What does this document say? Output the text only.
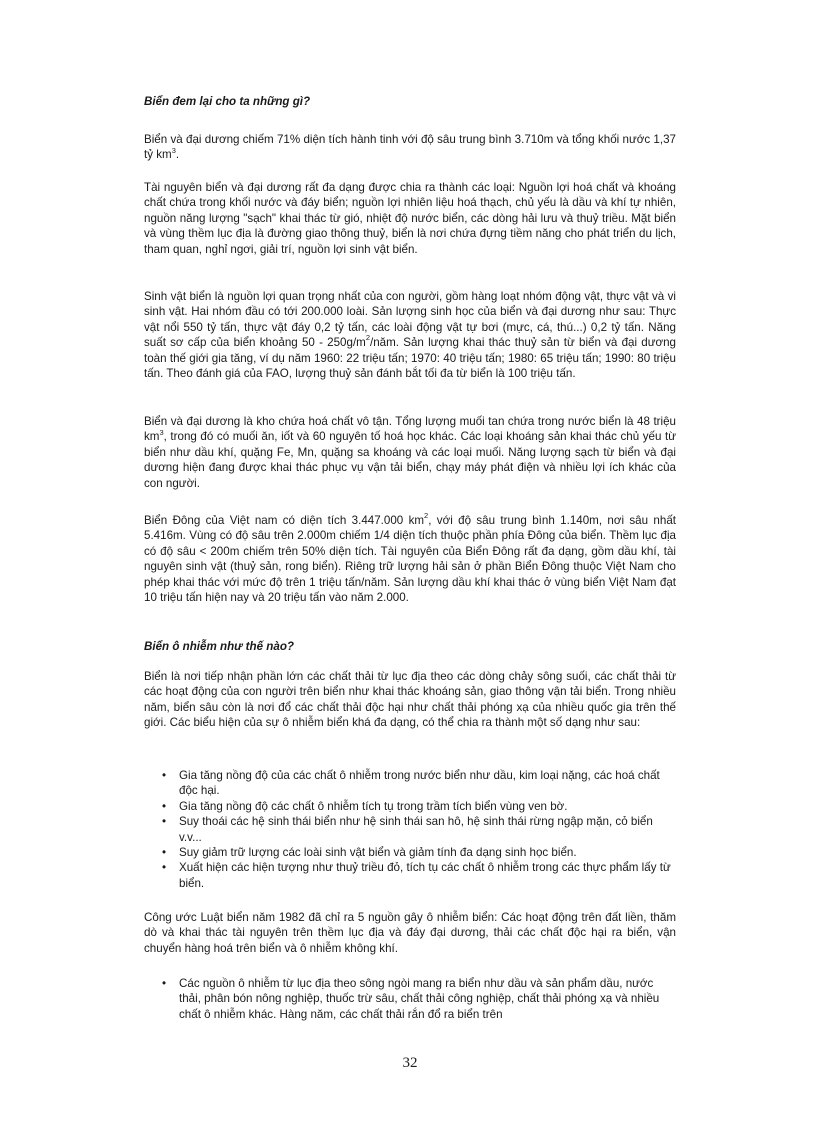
Biển đem lại cho ta những gì?

Biển và đại dương chiếm 71% diện tích hành tinh với độ sâu trung bình 3.710m và tổng khối nước 1,37 tỷ $km^3$.

Tài nguyên biển và đại dương rất đa dạng được chia ra thành các loại: Nguồn lợi hoá chất và khoáng chất chứa trong khối nước và đáy biển; nguồn lợi nhiên liệu hoá thạch, chủ yếu là dầu và khí tự nhiên, nguồn năng lượng "sạch" khai thác từ gió, nhiệt độ nước biển, các dòng hải lưu và thuỷ triều. Mặt biển và vùng thềm lục địa là đường giao thông thuỷ, biển là nơi chứa đựng tiềm năng cho phát triển du lịch, tham quan, nghỉ ngơi, giải trí, nguồn lợi sinh vật biển.

Sinh vật biển là nguồn lợi quan trọng nhất của con người, gồm hàng loạt nhóm động vật, thực vật và vi sinh vật. Hai nhóm đầu có tới 200.000 loài. Sản lượng sinh học của biển và đại dương như sau: Thực vật nổi 550 tỷ tấn, thực vật đáy 0,2 tỷ tấn, các loài động vật tự bơi (mực, cá, thú...) 0,2 tỷ tấn. Năng suất sơ cấp của biển khoảng $50 - 250g/m^2$/năm. Sản lượng khai thác thuỷ sản từ biển và đại dương toàn thế giới gia tăng, ví dụ năm 1960: 22 triệu tấn; 1970: 40 triệu tấn; 1980: 65 triệu tấn; 1990: 80 triệu tấn. Theo đánh giá của FAO, lượng thuỷ sản đánh bắt tối đa từ biển là 100 triệu tấn.

Biển và đại dương là kho chứa hoá chất vô tận. Tổng lượng muối tan chứa trong nước biển là 48 triệu $km^3$, trong đó có muối ăn, iốt và 60 nguyên tố hoá học khác. Các loại khoáng sản khai thác chủ yếu từ biển như dầu khí, quặng Fe, Mn, quặng sa khoáng và các loại muối. Năng lượng sạch từ biển và đại dương hiện đang được khai thác phục vụ vận tải biển, chạy máy phát điện và nhiều lợi ích khác của con người.

Biển Đông của Việt nam có diện tích 3.447.000 $km^2$, với độ sâu trung bình 1.140m, nơi sâu nhất 5.416m. Vùng có độ sâu trên 2.000m chiếm 1/4 diện tích thuộc phần phía Đông của biển. Thềm lục địa có độ sâu < 200m chiếm trên 50% diện tích. Tài nguyên của Biển Đông rất đa dạng, gồm dầu khí, tài nguyên sinh vật (thuỷ sản, rong biển). Riêng trữ lượng hải sản ở phần Biển Đông thuộc Việt Nam cho phép khai thác với mức độ trên 1 triệu tấn/năm. Sản lượng dầu khí khai thác ở vùng biển Việt Nam đạt 10 triệu tấn hiện nay và 20 triệu tấn vào năm 2.000.

Biển ô nhiễm như thế nào?

Biển là nơi tiếp nhận phần lớn các chất thải từ lục địa theo các dòng chảy sông suối, các chất thải từ các hoạt động của con người trên biển như khai thác khoáng sản, giao thông vận tải biển. Trong nhiều năm, biển sâu còn là nơi đổ các chất thải độc hại như chất thải phóng xạ của nhiều quốc gia trên thế giới. Các biểu hiện của sự ô nhiễm biển khá đa dạng, có thể chia ra thành một số dạng như sau:

• Gia tăng nồng độ của các chất ô nhiễm trong nước biển như dầu, kim loại nặng, các hoá chất độc hại.
• Gia tăng nồng độ các chất ô nhiễm tích tụ trong trầm tích biển vùng ven bờ.
• Suy thoái các hệ sinh thái biển như hệ sinh thái san hô, hệ sinh thái rừng ngập mặn, cỏ biển v.v...
• Suy giảm trữ lượng các loài sinh vật biển và giảm tính đa dạng sinh học biển.
• Xuất hiện các hiện tượng như thuỷ triều đỏ, tích tụ các chất ô nhiễm trong các thực phẩm lấy từ biển.

Công ước Luật biển năm 1982 đã chỉ ra 5 nguồn gây ô nhiễm biển: Các hoạt động trên đất liền, thăm dò và khai thác tài nguyên trên thềm lục địa và đáy đại dương, thải các chất độc hại ra biển, vận chuyển hàng hoá trên biển và ô nhiễm không khí.

• Các nguồn ô nhiễm từ lục địa theo sông ngòi mang ra biển như dầu và sản phẩm dầu, nước thải, phân bón nông nghiệp, thuốc trừ sâu, chất thải công nghiệp, chất thải phóng xạ và nhiều chất ô nhiễm khác. Hàng năm, các chất thải rắn đổ ra biển trên
32
